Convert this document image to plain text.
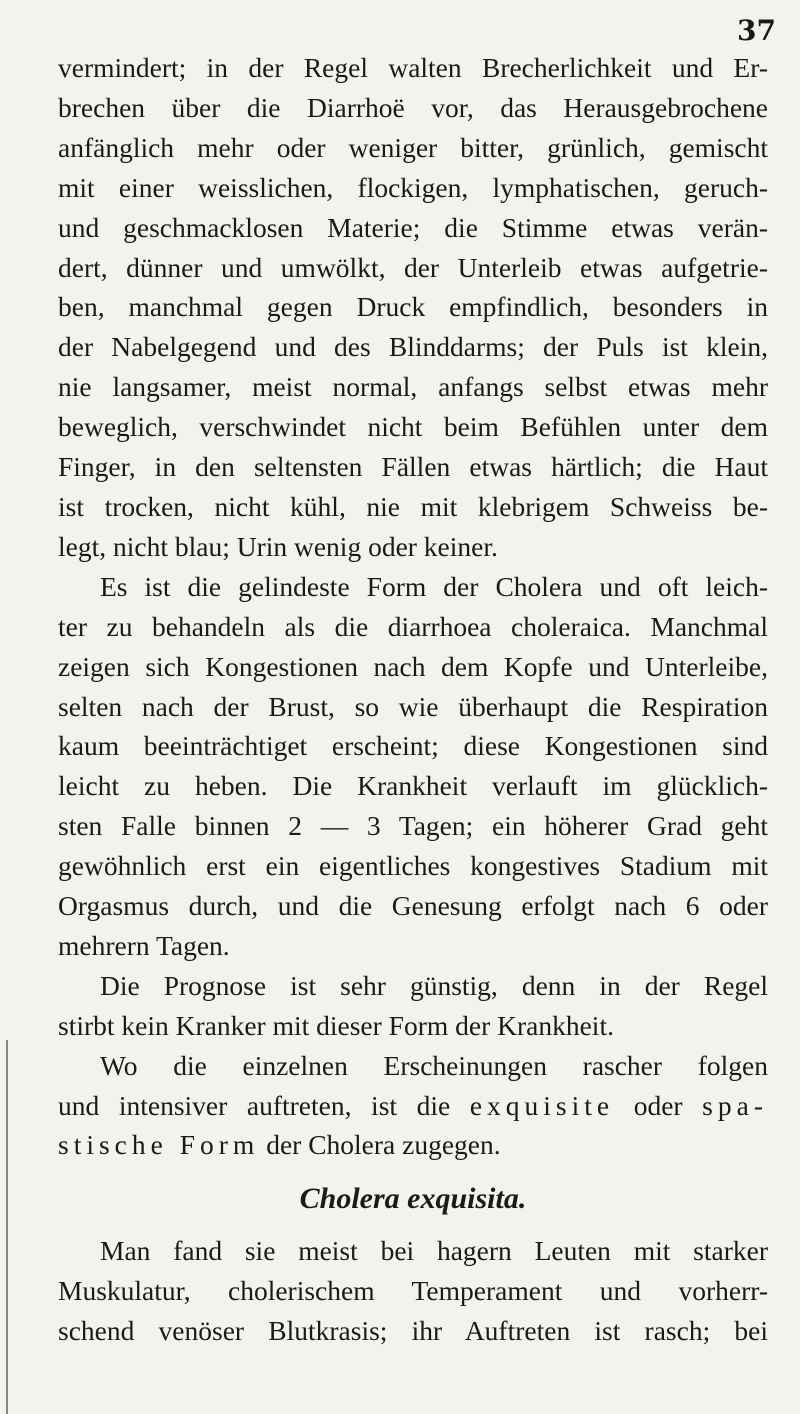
37
vermindert; in der Regel walten Brecherlichkeit und Er-
brechen über die Diarrhoë vor, das Herausgebrochene
anfänglich mehr oder weniger bitter, grünlich, gemischt
mit einer weisslichen, flockigen, lymphatischen, geruch-
und geschmacklosen Materie; die Stimme etwas verän-
dert, dünner und umwölkt, der Unterleib etwas aufgetrie-
ben, manchmal gegen Druck empfindlich, besonders in
der Nabelgegend und des Blinddarms; der Puls ist klein,
nie langsamer, meist normal, anfangs selbst etwas mehr
beweglich, verschwindet nicht beim Befühlen unter dem
Finger, in den seltensten Fällen etwas härtlich; die Haut
ist trocken, nicht kühl, nie mit klebrigem Schweiss be-
legt, nicht blau; Urin wenig oder keiner.
Es ist die gelindeste Form der Cholera und oft leich-
ter zu behandeln als die diarrhoea choleraica. Manchmal
zeigen sich Kongestionen nach dem Kopfe und Unterleibe,
selten nach der Brust, so wie überhaupt die Respiration
kaum beeinträchtiget erscheint; diese Kongestionen sind
leicht zu heben. Die Krankheit verlauft im glücklich-
sten Falle binnen 2 — 3 Tagen; ein höherer Grad geht
gewöhnlich erst ein eigentliches kongestives Stadium mit
Orgasmus durch, und die Genesung erfolgt nach 6 oder
mehrern Tagen.
Die Prognose ist sehr günstig, denn in der Regel
stirbt kein Kranker mit dieser Form der Krankheit.
Wo die einzelnen Erscheinungen rascher folgen
und intensiver auftreten, ist die exquisite oder spa-
stische Form der Cholera zugegen.
Cholera exquisita.
Man fand sie meist bei hagern Leuten mit starker
Muskulatur, cholerischem Temperament und vorherr-
schend venöser Blutkrasis; ihr Auftreten ist rasch; bei
